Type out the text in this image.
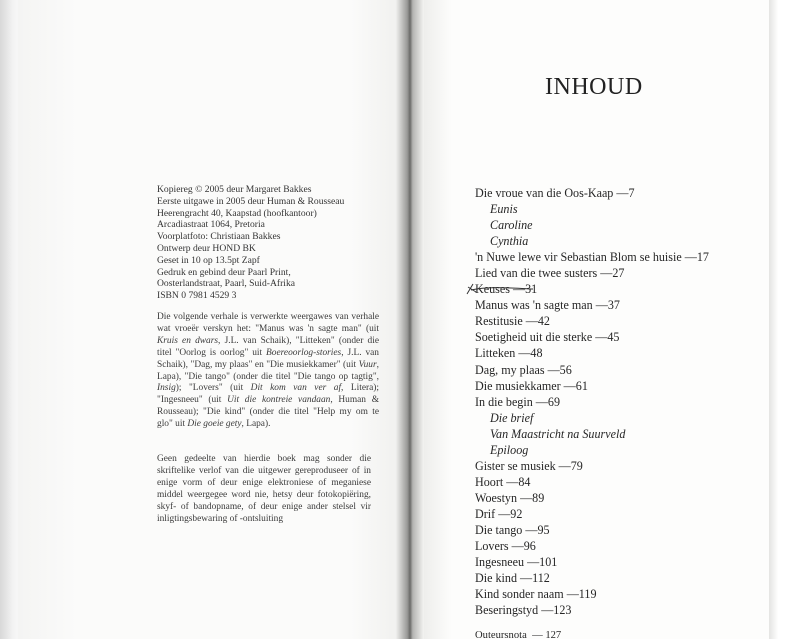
Kopiereg © 2005 deur Margaret Bakkes
Eerste uitgawe in 2005 deur Human & Rousseau
Heerengracht 40, Kaapstad (hoofkantoor)
Arcadiastraat 1064, Pretoria
Voorplatfoto: Christiaan Bakkes
Ontwerp deur HOND BK
Geset in 10 op 13.5pt Zapf
Gedruk en gebind deur Paarl Print,
Oosterlandstraat, Paarl, Suid-Afrika
ISBN 0 7981 4529 3
Die volgende verhale is verwerkte weergawes van verhale wat vroeër verskyn het: "Manus was 'n sagte man" (uit Kruis en dwars, J.L. van Schaik), "Litteken" (onder die titel "Oorlog is oorlog" uit Boereoorlog-stories, J.L. van Schaik), "Dag, my plaas" en "Die musiekkamer" (uit Vuur, Lapa), "Die tango" (onder die titel "Die tango op tagtig", Insig); "Lovers" (uit Dit kom van ver af, Litera); "Ingesneeu" (uit Uit die kontreie vandaan, Human & Rousseau); "Die kind" (onder die titel "Help my om te glo" uit Die goeie gety, Lapa).
Geen gedeelte van hierdie boek mag sonder die skriftelike verlof van die uitgewer gereproduseer of in enige vorm of deur enige elektroniese of meganiese middel weergegee word nie, hetsy deur fotokopiëring, skyf- of bandopname, of deur enige ander stelsel vir inligtingsbewaring of -ontsluiting
INHOUD
Die vroue van die Oos-Kaap —7
Eunis
Caroline
Cynthia
'n Nuwe lewe vir Sebastian Blom se huisie —17
Lied van die twee susters —27
Keuses —31
Manus was 'n sagte man —37
Restitusie —42
Soetigheid uit die sterke —45
Litteken —48
Dag, my plaas —56
Die musiekkamer —61
In die begin —69
Die brief
Van Maastricht na Suurveld
Epiloog
Gister se musiek —79
Hoort —84
Woestyn —89
Drif —92
Die tango —95
Lovers —96
Ingesneeu —101
Die kind —112
Kind sonder naam —119
Beseringstyd —123
Outeursnota — 127
